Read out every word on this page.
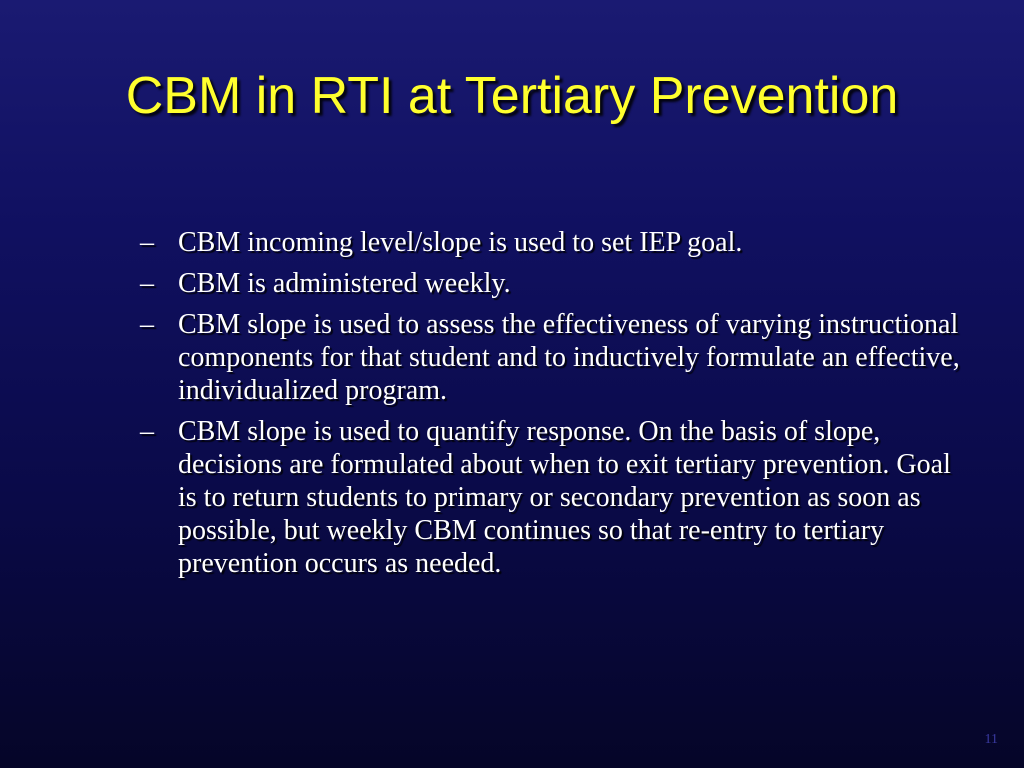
CBM in RTI at Tertiary Prevention
– CBM incoming level/slope is used to set IEP goal.
– CBM is administered weekly.
– CBM slope is used to assess the effectiveness of varying instructional components for that student and to inductively formulate an effective, individualized program.
– CBM slope is used to quantify response. On the basis of slope, decisions are formulated about when to exit tertiary prevention. Goal is to return students to primary or secondary prevention as soon as possible, but weekly CBM continues so that re-entry to tertiary prevention occurs as needed.
11
